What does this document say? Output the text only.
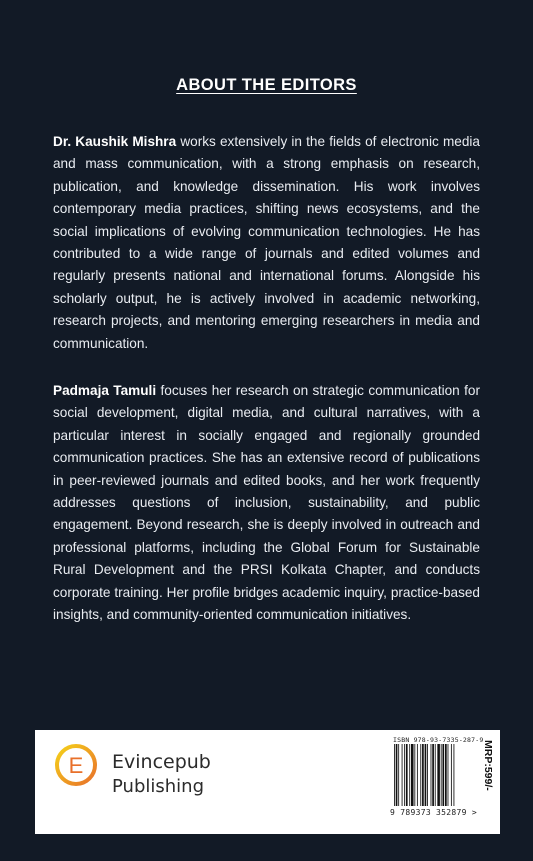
ABOUT THE EDITORS

Dr. Kaushik Mishra works extensively in the fields of electronic media and mass communication, with a strong emphasis on research, publication, and knowledge dissemination. His work involves contemporary media practices, shifting news ecosystems, and the social implications of evolving communication technologies. He has contributed to a wide range of journals and edited volumes and regularly presents national and international forums. Alongside his scholarly output, he is actively involved in academic networking, research projects, and mentoring emerging researchers in media and communication.

Padmaja Tamuli focuses her research on strategic communication for social development, digital media, and cultural narratives, with a particular interest in socially engaged and regionally grounded communication practices. She has an extensive record of publications in peer-reviewed journals and edited books, and her work frequently addresses questions of inclusion, sustainability, and public engagement. Beyond research, she is deeply involved in outreach and professional platforms, including the Global Forum for Sustainable Rural Development and the PRSI Kolkata Chapter, and conducts corporate training. Her profile bridges academic inquiry, practice-based insights, and community-oriented communication initiatives.

E Evincepub
Publishing
ISBN 978-93-7335-287-9
9 789373 352879 >
MRP:599/-
